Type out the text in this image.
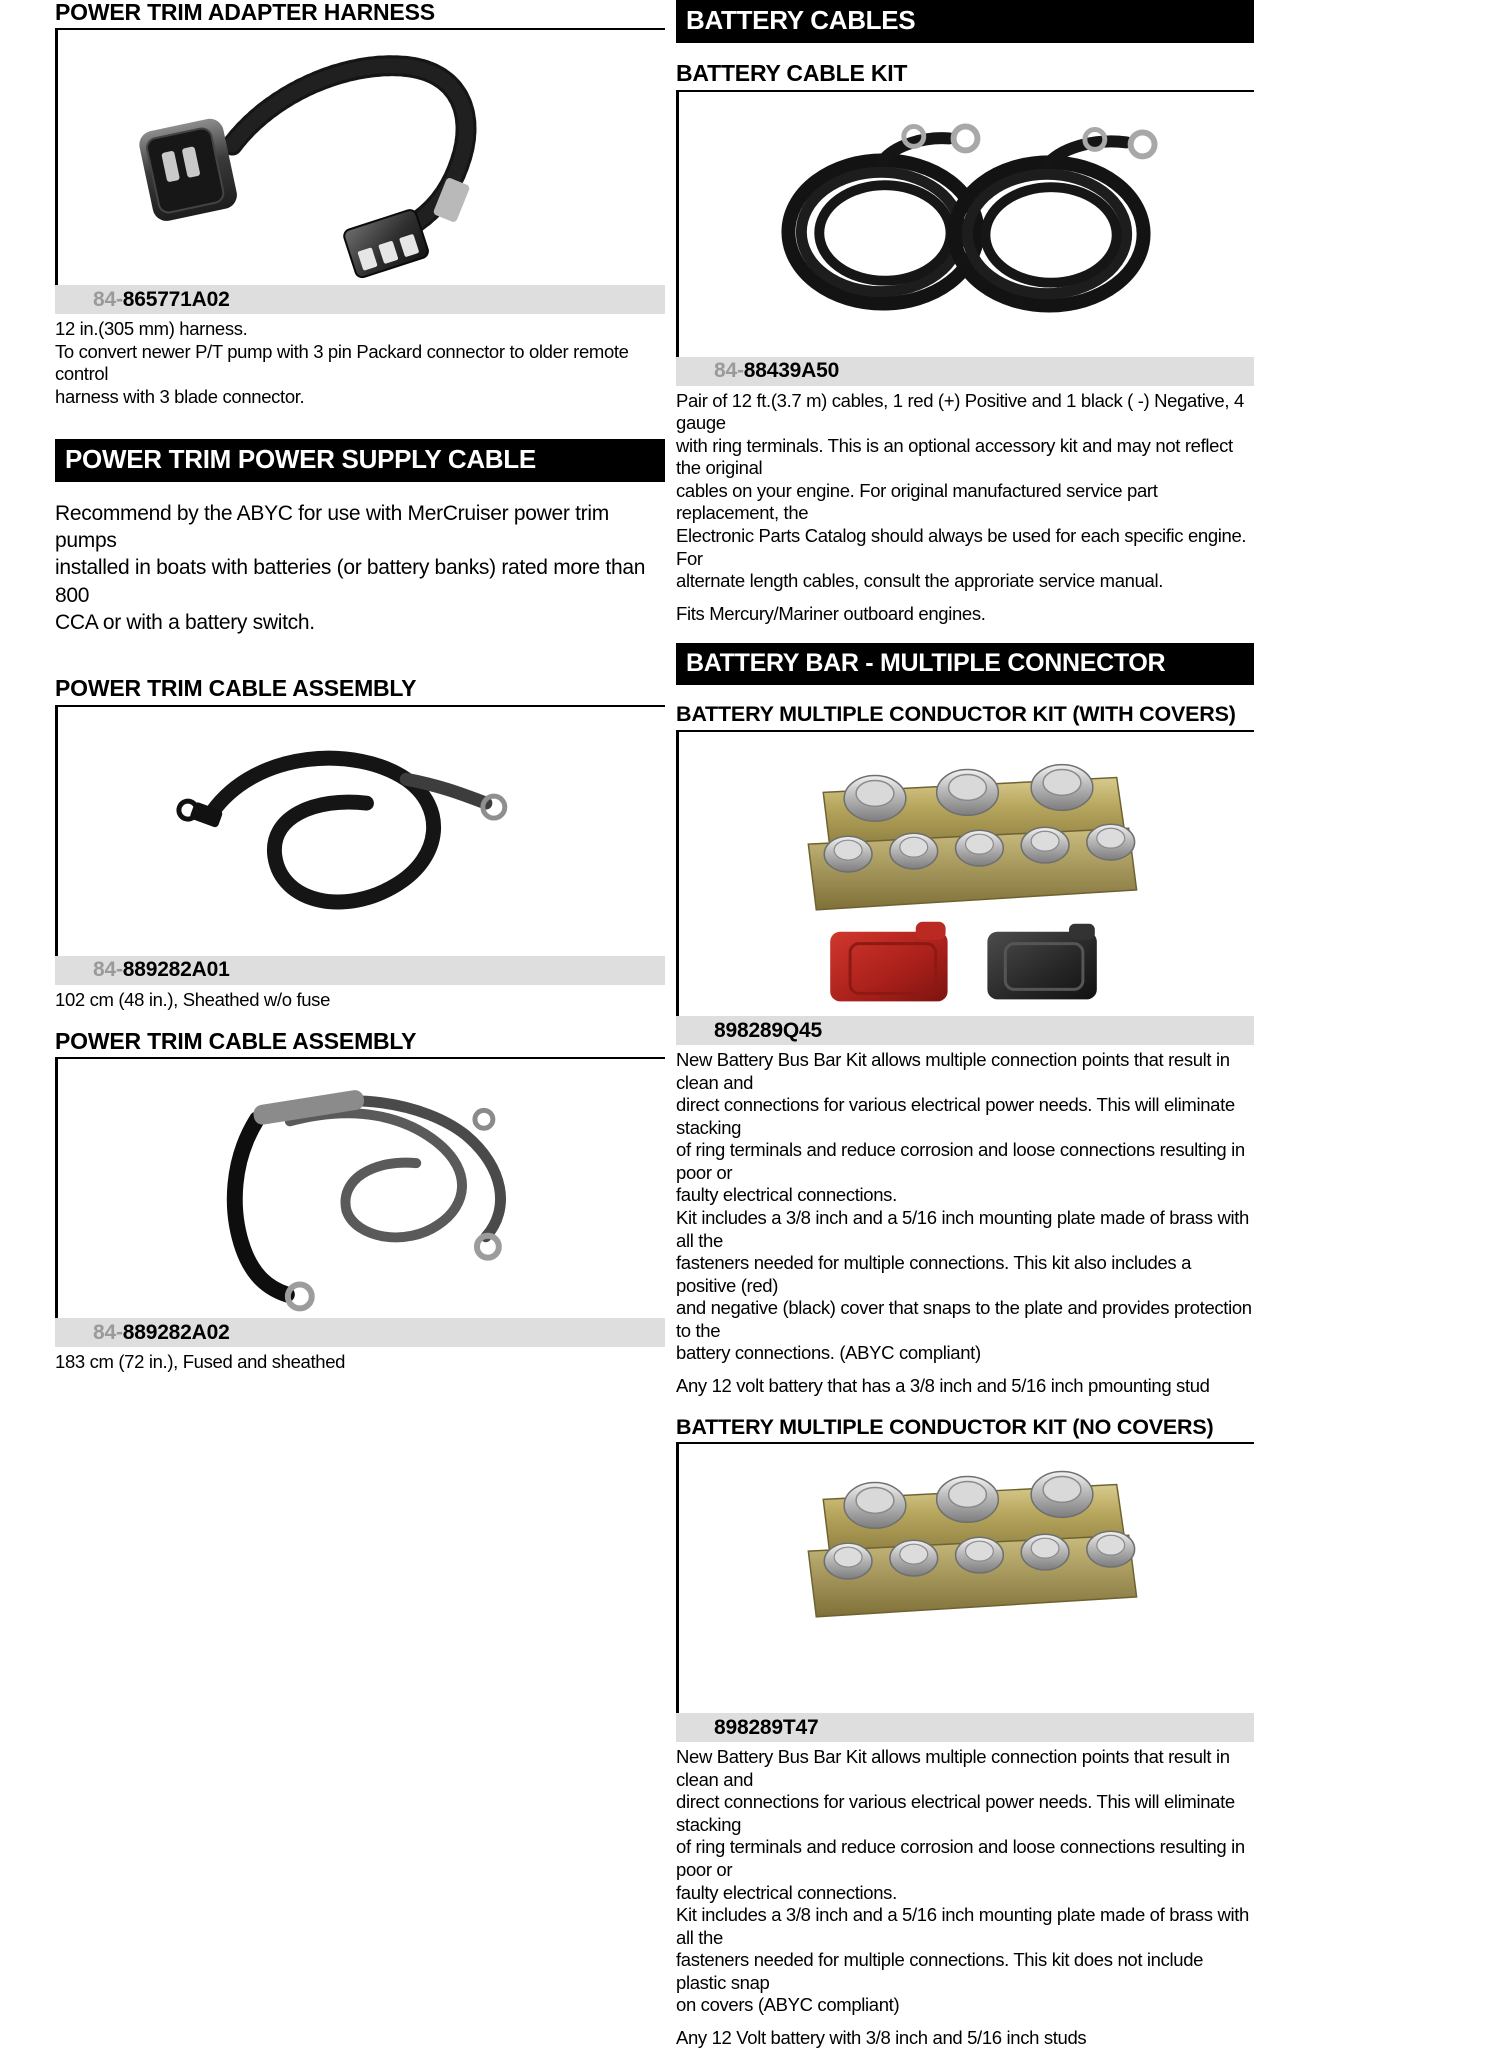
POWER TRIM ADAPTER HARNESS
84- 865771A02

12 in.(305 mm) harness.

To convert newer P/T pump with 3 pin Packard connector to older remote control

harness with 3 blade connector.

POWER TRIM POWER SUPPLY CABLE

Recommend by the ABYC for use with MerCruiser power trim pumps

installed in boats with batteries (or battery banks) rated more than 800

CCA or with a battery switch.

POWER TRIM CABLE ASSEMBLY
84- 889282A01

102 cm (48 in.), Sheathed w/o fuse

POWER TRIM CABLE ASSEMBLY
84- 889282A02

183 cm (72 in.), Fused and sheathed

BATTERY CABLES
BATTERY CABLE KIT
84- 88439A50

Pair of 12 ft.(3.7 m) cables, 1 red (+) Positive and 1 black ( -) Negative, 4 gauge

with ring terminals. This is an optional accessory kit and may not reflect the original

cables on your engine. For original manufactured service part replacement, the

Electronic Parts Catalog should always be used for each specific engine. For

alternate length cables, consult the approriate service manual.

Fits Mercury/Mariner outboard engines.

BATTERY BAR - MULTIPLE CONNECTOR
BATTERY MULTIPLE CONDUCTOR KIT (WITH COVERS)
898289Q45

New Battery Bus Bar Kit allows multiple connection points that result in clean and

direct connections for various electrical power needs. This will eliminate stacking

of ring terminals and reduce corrosion and loose connections resulting in poor or

faulty electrical connections.

Kit includes a 3/8 inch and a 5/16 inch mounting plate made of brass with all the

fasteners needed for multiple connections. This kit also includes a positive (red)

and negative (black) cover that snaps to the plate and provides protection to the

battery connections. (ABYC compliant)

Any 12 volt battery that has a 3/8 inch and 5/16 inch pmounting stud

BATTERY MULTIPLE CONDUCTOR KIT (NO COVERS)
898289T47

New Battery Bus Bar Kit allows multiple connection points that result in clean and

direct connections for various electrical power needs. This will eliminate stacking

of ring terminals and reduce corrosion and loose connections resulting in poor or

faulty electrical connections.

Kit includes a 3/8 inch and a 5/16 inch mounting plate made of brass with all the

fasteners needed for multiple connections. This kit does not include plastic snap

on covers (ABYC compliant)

Any 12 Volt battery with 3/8 inch and 5/16 inch studs
